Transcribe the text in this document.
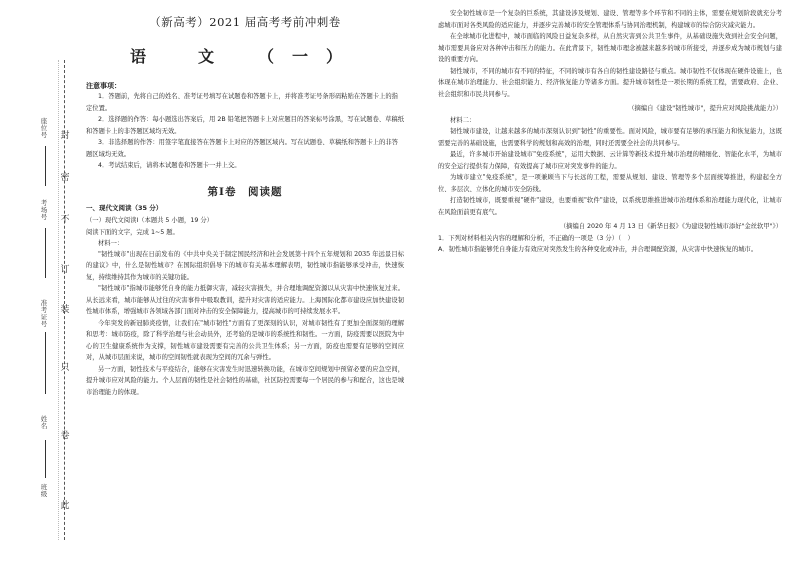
此
卷
只
装
订
不
密
封
班级
姓名
准考证号
考场号
座位号
（新高考）2021 届高考考前冲刺卷
语　文　（一）
注意事项：

1．答题前，先将自己的姓名、准考证号填写在试题卷和答题卡上，并将准考证号条形码粘贴在答题卡上的指定位置。

2．选择题的作答：每小题选出答案后，用 2B 铅笔把答题卡上对应题目的答案标号涂黑，写在试题卷、草稿纸和答题卡上的非答题区域均无效。

3．非选择题的作答：用签字笔直接答在答题卡上对应的答题区域内。写在试题卷、草稿纸和答题卡上的非答题区域均无效。

4．考试结束后，请将本试题卷和答题卡一并上交。

第Ⅰ卷　阅读题
一、现代文阅读（35 分）
（一）现代文阅读Ⅰ（本题共 5 小题，19 分）
阅读下面的文字，完成 1~5 题。
材料一：

"韧性城市"出现在日前发布的《中共中央关于制定国民经济和社会发展第十四个五年规划和 2035 年远景目标的建议》中，什么是韧性城市？在国际组织倡导下的城市有关基本理解表明，韧性城市指能够承受冲击，快速恢复，持续维持其作为城市的关键功能。

"韧性城市"指城市能够凭自身的能力抵御灾害，减轻灾害损失，并合理地调配资源以从灾害中快速恢复过来。从长远来看，城市能够从过往的灾害事件中吸取教训，提升对灾害的适应能力。上海国际化都市建设应加快建设韧性城市体系，增强城市各领域各部门面对冲击的安全保障能力，提高城市的可持续发展水平。

今年突发的新冠肺炎疫情，让我们在"城市韧性"方面有了更深刻的认识，对城市韧性有了更加全面深刻的理解和思考：城市防疫，除了科学治理与社会动员外，还考验的是城市的系统性和韧性。一方面，防疫需要以医院为中心的卫生健康系统作为支撑，韧性城市建设需要有完善的公共卫生体系；另一方面，防疫也需要有足够的空间应对，从城市层面来说，城市的空间韧性就表现为空间的冗余与弹性。

另一方面，韧性技术与平疫结合，能够在灾害发生时迅速转换功能，在城市空间规划中预留必要的应急空间，提升城市应对风险的能力。个人层面的韧性是社会韧性的基础，社区防控需要每一个居民的参与和配合，这也是城市治理能力的体现。

安全韧性城市是一个复杂的巨系统，其建设涉及规划、建设、管理等多个环节和不同的主体，需要在规划阶段就充分考虑城市面对各类风险的适应能力，并逐步完善城市的安全管理体系与协同治理机制，构建城市的综合防灾减灾能力。

在全球城市化进程中，城市面临的风险日益复杂多样，从自然灾害到公共卫生事件，从基础设施失效到社会安全问题，城市需要具备应对各种冲击和压力的能力。在此背景下，韧性城市理念被越来越多的城市所接受，并逐步成为城市规划与建设的重要方向。

韧性城市，不同的城市有不同的特征，不同的城市有各自的韧性建设路径与重点。城市韧性不仅体现在硬件设施上，也体现在城市治理能力、社会组织能力、经济恢复能力等诸多方面。提升城市韧性是一项长期的系统工程，需要政府、企业、社会组织和市民共同参与。

（摘编自《建设"韧性城市"，提升应对风险挑战能力》）
材料二：

韧性城市建设，让越来越多的城市深刻认识到"韧性"的重要性。面对风险，城市要有足够的承压能力和恢复能力，这既需要完善的基础设施，也需要科学的规划和高效的治理，同时还需要全社会的共同参与。

最近，许多城市开始建设城市"免疫系统"，运用大数据、云计算等新技术提升城市治理的精细化、智能化水平，为城市的安全运行提供有力保障，有效提高了城市应对突发事件的能力。

为城市建立"免疫系统"，是一项兼顾当下与长远的工程，需要从规划、建设、管理等多个层面统筹推进，构建起全方位、多层次、立体化的城市安全防线。

打造韧性城市，既要重视"硬件"建设，也要重视"软件"建设，以系统思维推进城市治理体系和治理能力现代化，让城市在风险面前更有底气。

（摘编自 2020 年 4 月 13 日《新华日报》《为建设韧性城市添好"金丝软甲"》）

1．下列对材料相关内容的理解和分析，不正确的一项是（3 分）（　）

A．韧性城市指能够凭自身能力有效应对突然发生的各种变化或冲击，并合理调配资源，从灾害中快速恢复的城市。
